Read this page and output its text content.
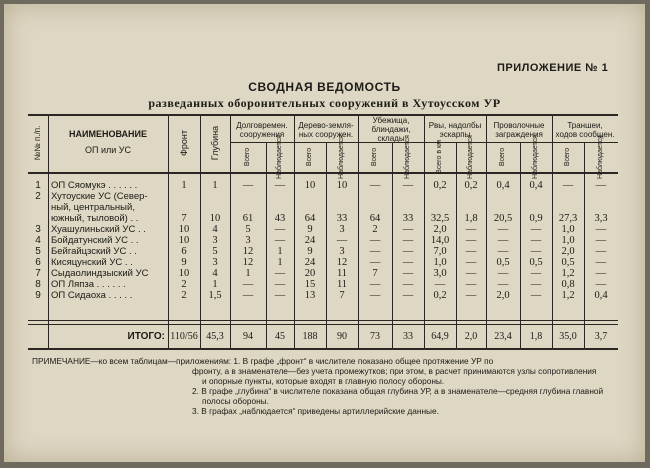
ПРИЛОЖЕНИЕ № 1
СВОДНАЯ ВЕДОМОСТЬ
разведанных оборонительных сооружений в Хутоусском УР
№№ п./п.	НАИМЕНОВАНИЕ
ОП или УС	Фронт Глубина
Долговремен.
сооружения
Всего	Наблюдается
Дерево-земля-
ных сооружен.
Всего	Наблюдается
Убежища,
блиндажи,
склады
Всего	Наблюдается
Рвы, надолбы
эскарпы
Всего в км	Наблюдается
Проволочные
заграждения
Всего	Наблюдается
Траншеи,
ходов сообщен.
Всего	Наблюдается
1	ОП Сяомукэ . . . . . .	1	1	—	—	10	10	—	—	0,2	0,2	0,4	0,4	—	—
2	Хутоуские УС (Север-
ный, центральный,
южный, тыловой) . .	7	10	61	43	64	33	64	33	32,5	1,8	20,5	0,9	27,3	3,3
3	Хуашулиньский УС . .	10	4	5	—	9	3	2	—	2,0	—	—	—	1,0	—
4	Бойдатунский УС . .	10	3	3	—	24	—	—	—	14,0	—	—	—	1,0	—
5	Бейгайцзский УС . .	6	5	12	1	9	3	—	—	7,0	—	—	—	2,0	—
6	Кисяцунский УС . .	9	3	12	1	24	12	—	—	1,0	—	0,5	0,5	0,5	—
7	Сыдаолиндзыский УС	10	4	1	—	20	11	7	—	3,0	—	—	—	1,2	—
8	ОП Ляпза . . . . . .	2	1	—	—	15	11	—	—	—	—	—	—	0,8	—
9	ОП Сидаоха . . . . .	2	1,5	—	—	13	7	—	—	0,2	—	2,0	—	1,2	0,4
ИТОГО: 110/56 45,3	94	45	188	90	73	33	64,9	2,0	23,4	1,8	35,0	3,7
ПРИМЕЧАНИЕ—ко всем таблицам—приложениям: 1. В графе „фронт“ в числителе показано общее протяжение УР по
фронту, а в знаменателе—без учета промежутков; при этом, в расчет принимаются узлы сопротивления
и опорные пункты, которые входят в главную полосу обороны.
2. В графе „глубина“ в числителе показана общая глубина УР, а в знаменателе—средняя глубина главной
полосы обороны.
3. В графах „наблюдается“ приведены артиллерийские данные.
